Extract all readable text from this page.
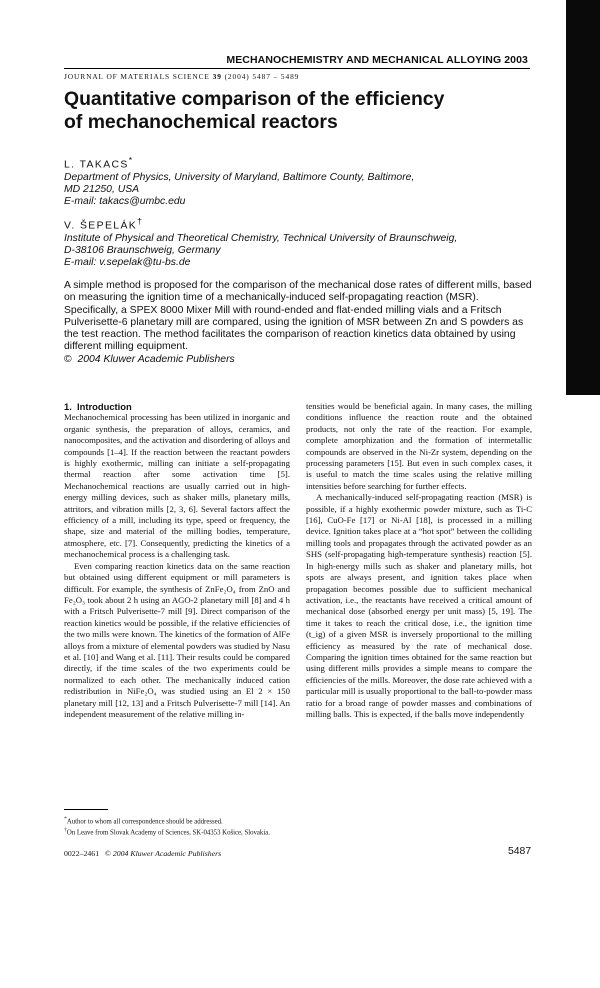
MECHANOCHEMISTRY AND MECHANICAL ALLOYING 2003
JOURNAL OF MATERIALS SCIENCE 39 (2004) 5487 – 5489
Quantitative comparison of the efficiency
of mechanochemical reactors
L. TAKACS*
Department of Physics, University of Maryland, Baltimore County, Baltimore,
MD 21250, USA
E-mail: takacs@umbc.edu
V. ŠEPELÁK†
Institute of Physical and Theoretical Chemistry, Technical University of Braunschweig,
D-38106 Braunschweig, Germany
E-mail: v.sepelak@tu-bs.de

A simple method is proposed for the comparison of the mechanical dose rates of different mills, based on measuring the ignition time of a mechanically-induced self-propagating reaction (MSR). Specifically, a SPEX 8000 Mixer Mill with round-ended and flat-ended milling vials and a Fritsch Pulverisette-6 planetary mill are compared, using the ignition of MSR between Zn and S powders as the test reaction. The method facilitates the comparison of reaction kinetics data obtained by using different milling equipment.
© 2004 Kluwer Academic Publishers

1. Introduction

Mechanochemical processing has been utilized in inorganic and organic synthesis, the preparation of alloys, ceramics, and nanocomposites, and the activation and disordering of alloys and compounds [1–4]. If the reaction between the reactant powders is highly exothermic, milling can initiate a self-propagating thermal reaction after some activation time [5]. Mechanochemical reactions are usually carried out in high-energy milling devices, such as shaker mills, planetary mills, attritors, and vibration mills [2, 3, 6]. Several factors affect the efficiency of a mill, including its type, speed or frequency, the shape, size and material of the milling bodies, temperature, atmosphere, etc. [7]. Consequently, predicting the kinetics of a mechanochemical process is a challenging task.

Even comparing reaction kinetics data on the same reaction but obtained using different equipment or mill parameters is difficult. For example, the synthesis of ZnFe₂O₄ from ZnO and Fe₂O₃ took about 2 h using an AGO-2 planetary mill [8] and 4 h with a Fritsch Pulverisette-7 mill [9]. Direct comparison of the reaction kinetics would be possible, if the relative efficiencies of the two mills were known. The kinetics of the formation of AlFe alloys from a mixture of elemental powders was studied by Nasu et al. [10] and Wang et al. [11]. Their results could be compared directly, if the time scales of the two experiments could be normalized to each other. The mechanically induced cation redistribution in NiFe₂O₄ was studied using an El 2 × 150 planetary mill [12, 13] and a Fritsch Pulverisette-7 mill [14]. An independent measurement of the relative milling in-

tensities would be beneficial again. In many cases, the milling conditions influence the reaction route and the obtained products, not only the rate of the reaction. For example, complete amorphization and the formation of intermetallic compounds are observed in the Ni-Zr system, depending on the processing parameters [15]. But even in such complex cases, it is useful to match the time scales using the relative milling intensities before searching for further effects.

A mechanically-induced self-propagating reaction (MSR) is possible, if a highly exothermic powder mixture, such as Ti-C [16], CuO-Fe [17] or Ni-Al [18], is processed in a milling device. Ignition takes place at a “hot spot” between the colliding milling tools and propagates through the activated powder as an SHS (self-propagating high-temperature synthesis) reaction [5]. In high-energy mills such as shaker and planetary mills, hot spots are always present, and ignition takes place when propagation becomes possible due to sufficient mechanical activation, i.e., the reactants have received a critical amount of mechanical dose (absorbed energy per unit mass) [5, 19]. The time it takes to reach the critical dose, i.e., the ignition time (t_ig) of a given MSR is inversely proportional to the milling efficiency as measured by the rate of mechanical dose. Comparing the ignition times obtained for the same reaction but using different mills provides a simple means to compare the efficiencies of the mills. Moreover, the dose rate achieved with a particular mill is usually proportional to the ball-to-powder mass ratio for a broad range of powder masses and combinations of milling balls. This is expected, if the balls move independently

*Author to whom all correspondence should be addressed.
†On Leave from Slovak Academy of Sciences, SK-04353 Košice, Slovakia.
0022–2461 © 2004 Kluwer Academic Publishers	5487
